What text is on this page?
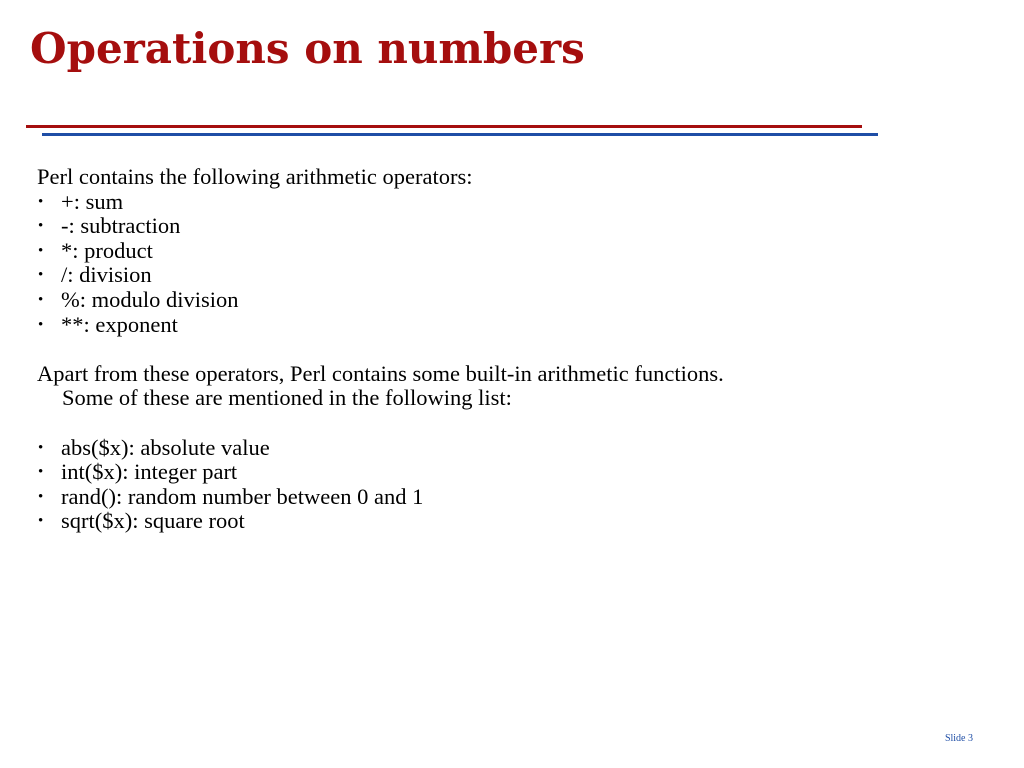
Operations on numbers

Perl contains the following arithmetic operators:

• +: sum
• -: subtraction
• *: product
• /: division
• %: modulo division
• **: exponent

Apart from these operators, Perl contains some built-in arithmetic functions.
Some of these are mentioned in the following list:

• abs($x): absolute value
• int($x): integer part
• rand(): random number between 0 and 1
• sqrt($x): square root
Slide 3
